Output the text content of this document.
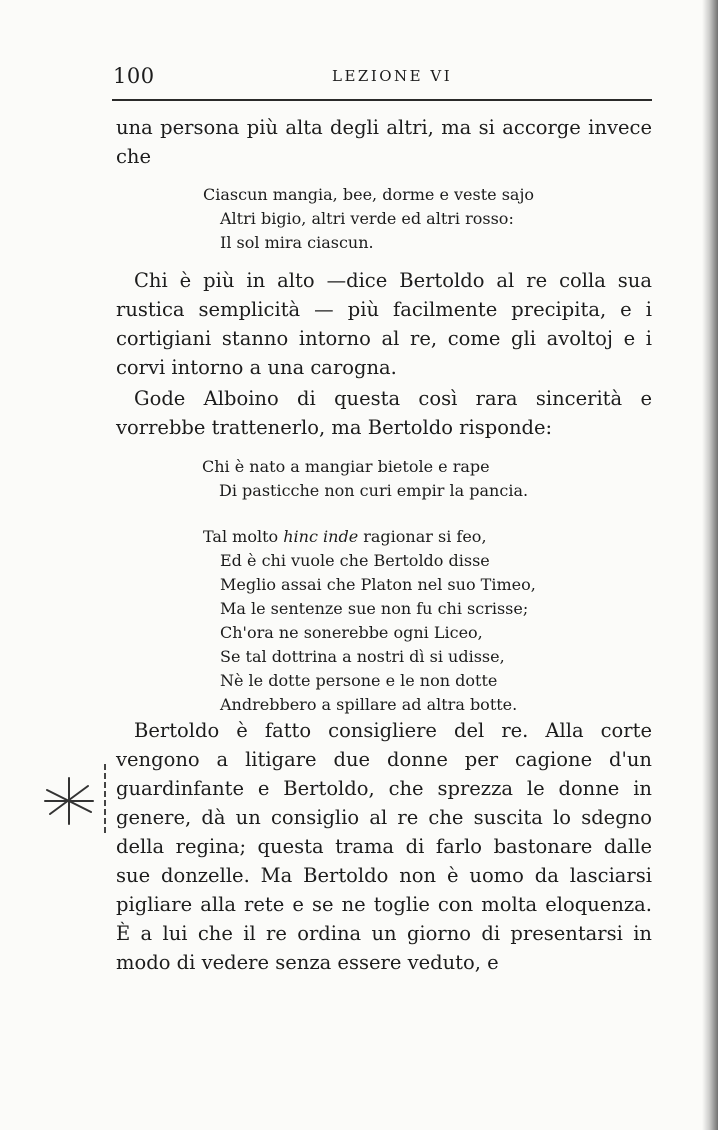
100	LEZIONE VI

una persona più alta degli altri, ma si accorge invece che

Ciascun mangia, bee, dorme e veste sajo
Altri bigio, altri verde ed altri rosso:
Il sol mira ciascun.

Chi è più in alto —dice Bertoldo al re colla sua rustica semplicità — più facilmente precipita, e i cortigiani stanno intorno al re, come gli avoltoj e i corvi intorno a una carogna.

Gode Alboino di questa così rara sincerità e vorrebbe trattenerlo, ma Bertoldo risponde:

Chi è nato a mangiar bietole e rape
Di pasticche non curi empir la pancia.
Tal molto hinc inde ragionar si feo,
Ed è chi vuole che Bertoldo disse
Meglio assai che Platon nel suo Timeo,
Ma le sentenze sue non fu chi scrisse;
Ch'ora ne sonerebbe ogni Liceo,
Se tal dottrina a nostri dì si udisse,
Nè le dotte persone e le non dotte
Andrebbero a spillare ad altra botte.

Bertoldo è fatto consigliere del re. Alla corte vengono a litigare due donne per cagione d'un guardinfante e Bertoldo, che sprezza le donne in genere, dà un consiglio al re che suscita lo sdegno della regina; questa trama di farlo bastonare dalle sue donzelle. Ma Bertoldo non è uomo da lasciarsi pigliare alla rete e se ne toglie con molta eloquenza. È a lui che il re ordina un giorno di presentarsi in modo di vedere senza essere veduto, e
